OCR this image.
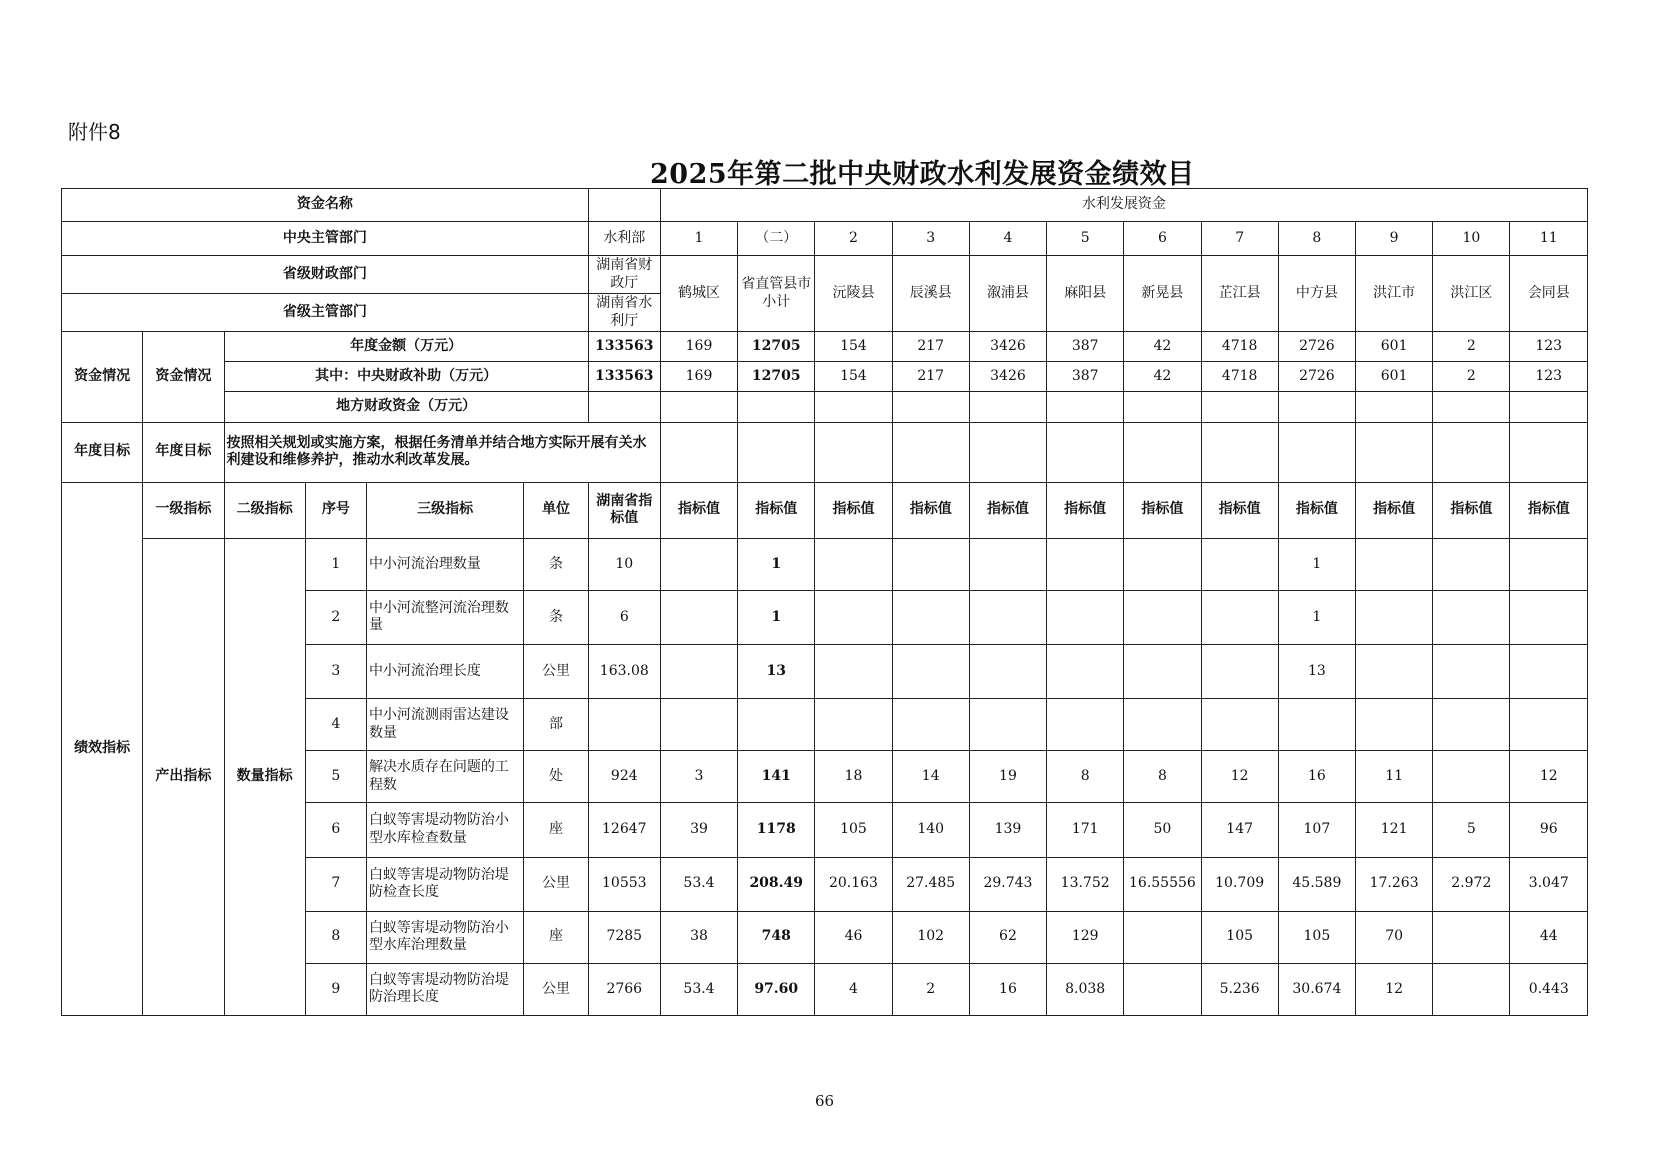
附件8
2025年第二批中央财政水利发展资金绩效目
资金名称							水利发展资金											
中央主管部门						水利部	1	（二）	2	3	4	5	6	7	8	9	10	11
省级财政部门						湖南省财政厅	鹤城区	省直管县市小计	沅陵县	辰溪县	溆浦县	麻阳县	新晃县	芷江县	中方县	洪江市	洪江区	会同县
省级主管部门						湖南省水利厅												
资金情况	资金情况	年度金额（万元）				133563	169	12705	154	217	3426	387	42	4718	2726	601	2	123
		其中：中央财政补助（万元）				133563	169	12705	154	217	3426	387	42	4718	2726	601	2	123
		地方财政资金（万元）																
年度目标	年度目标	按照相关规划或实施方案，根据任务清单并结合地方实际开展有关水利建设和维修养护，推动水利改革发展。																
绩效指标	一级指标	二级指标	序号	三级指标	单位	湖南省指标值	指标值	指标值	指标值	指标值	指标值	指标值	指标值	指标值	指标值	指标值	指标值	指标值
	产出指标	数量指标	1	中小河流治理数量	条	10		1							1			
			2	中小河流整河流治理数量	条	6		1							1			
			3	中小河流治理长度	公里	163.08		13							13			
			4	中小河流测雨雷达建设数量	部													
			5	解决水质存在问题的工程数	处	924	3	141	18	14	19	8	8	12	16	11		12
			6	白蚁等害堤动物防治小型水库检查数量	座	12647	39	1178	105	140	139	171	50	147	107	121	5	96
			7	白蚁等害堤动物防治堤防检查长度	公里	10553	53.4	208.49	20.163	27.485	29.743	13.752	16.55556	10.709	45.589	17.263	2.972	3.047
			8	白蚁等害堤动物防治小型水库治理数量	座	7285	38	748	46	102	62	129		105	105	70		44
			9	白蚁等害堤动物防治堤防治理长度	公里	2766	53.4	97.60	4	2	16	8.038		5.236	30.674	12		0.443
66
